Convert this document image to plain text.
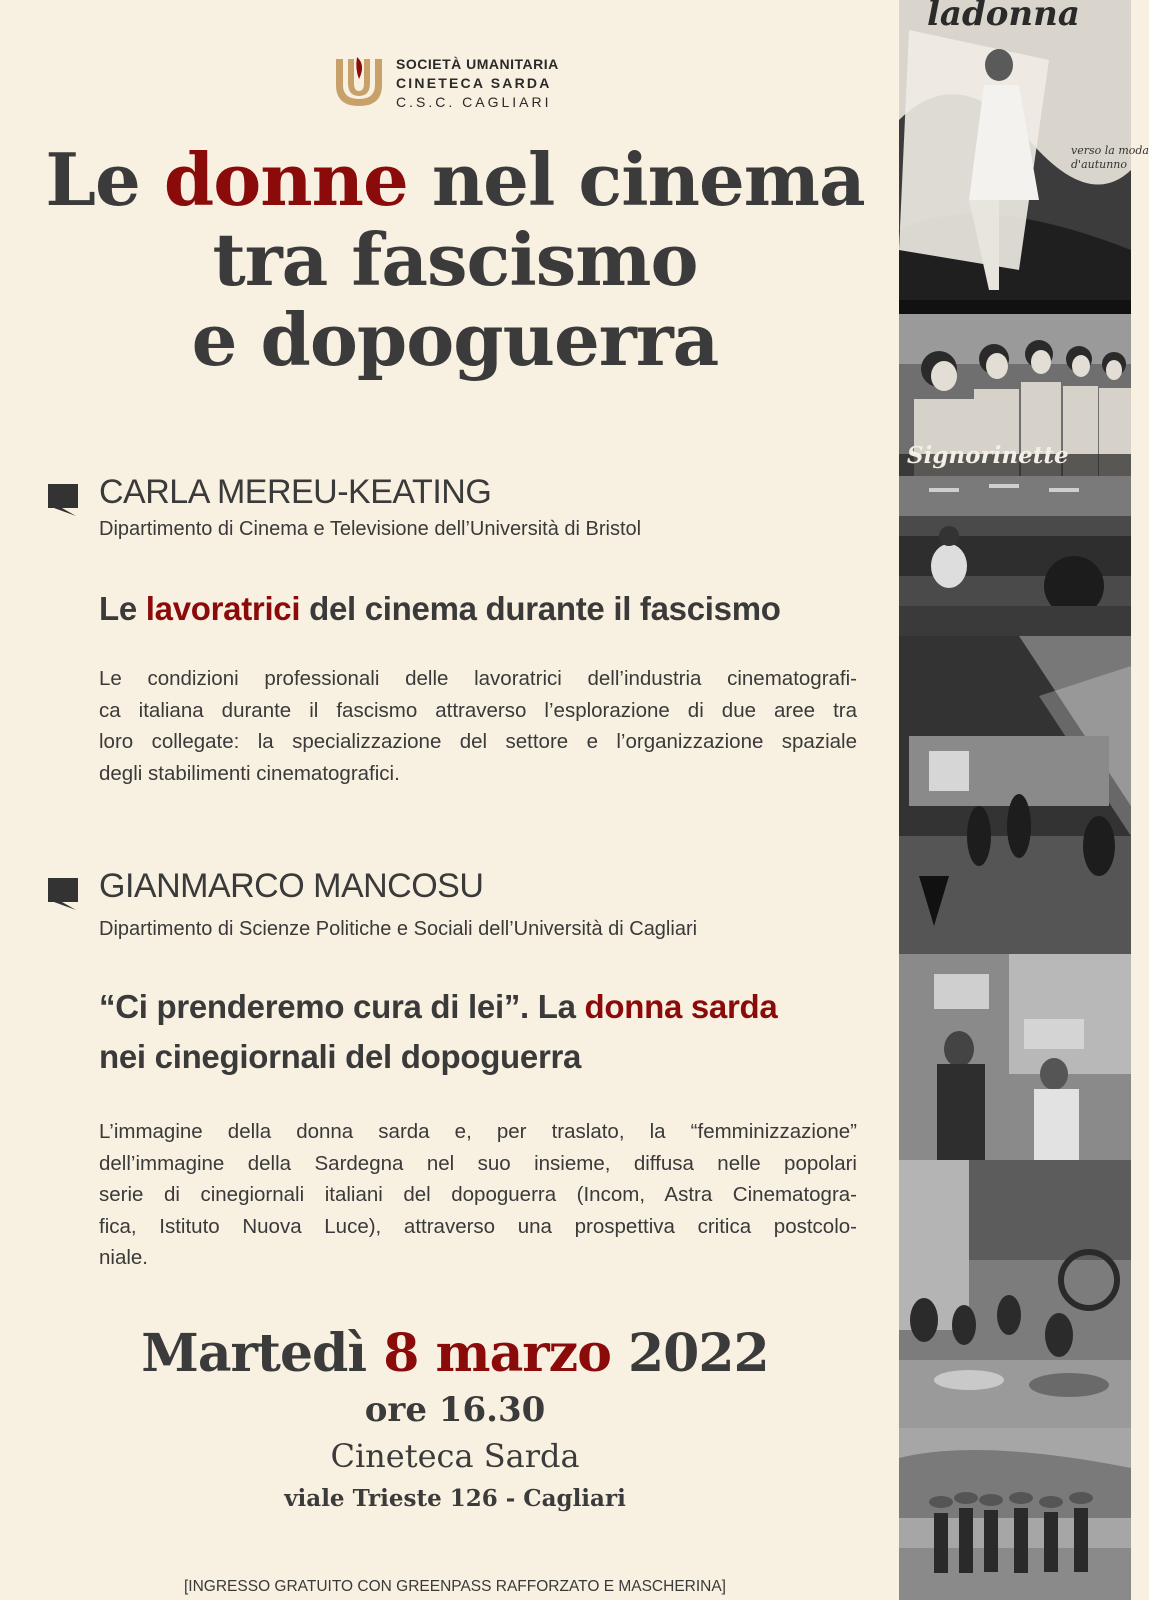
SOCIETÀ UMANITARIA
CINETECA SARDA
C.S.C. CAGLIARI
Le donne nel cinema
tra fascismo
e dopoguerra
CARLA MEREU-KEATING
Dipartimento di Cinema e Televisione dell’Università di Bristol
Le lavoratrici del cinema durante il fascismo
Le condizioni professionali delle lavoratrici dell’industria cinematografi-
ca italiana durante il fascismo attraverso l’esplorazione di due aree tra
loro collegate: la specializzazione del settore e l’organizzazione spaziale
degli stabilimenti cinematografici.
GIANMARCO MANCOSU
Dipartimento di Scienze Politiche e Sociali dell’Università di Cagliari
“Ci prenderemo cura di lei”. La donna sarda
nei cinegiornali del dopoguerra
L’immagine della donna sarda e, per traslato, la “femminizzazione”
dell’immagine della Sardegna nel suo insieme, diffusa nelle popolari
serie di cinegiornali italiani del dopoguerra (Incom, Astra Cinematogra-
fica, Istituto Nuova Luce), attraverso una prospettiva critica postcolo-
niale.
Martedì 8 marzo 2022
ore 16.30
Cineteca Sarda
viale Trieste 126 - Cagliari
[INGRESSO GRATUITO CON GREENPASS RAFFORZATO E MASCHERINA]
ladonna
verso la moda
d'autunno
Signorinette
